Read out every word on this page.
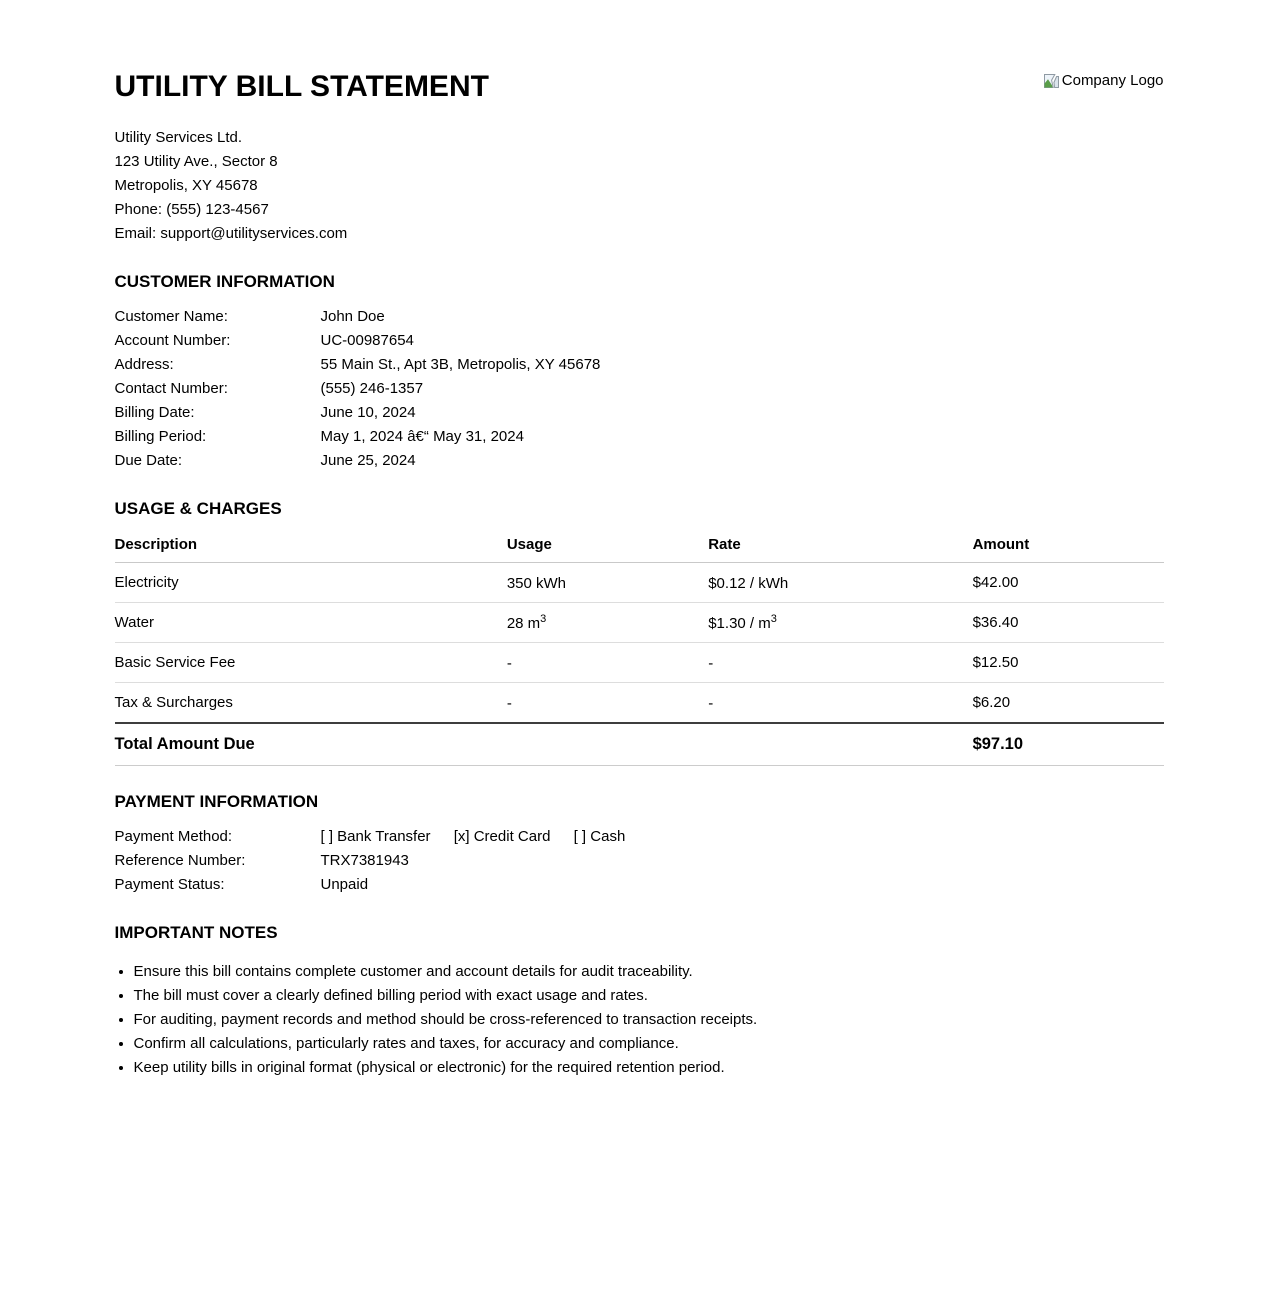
UTILITY BILL STATEMENT	Company Logo
Utility Services Ltd.
123 Utility Ave., Sector 8
Metropolis, XY 45678
Phone: (555) 123-4567
Email: support@utilityservices.com
CUSTOMER INFORMATION
Customer Name:	John Doe
Account Number:	UC-00987654
Address:	55 Main St., Apt 3B, Metropolis, XY 45678
Contact Number:	(555) 246-1357
Billing Date:	June 10, 2024
Billing Period:	May 1, 2024 â€“ May 31, 2024
Due Date:	June 25, 2024
USAGE & CHARGES
Description	Usage	Rate	Amount
Electricity	350 kWh	$0.12 / kWh	$42.00
Water	28 $m^3$	$1.30 / $m^3$	$36.40
Basic Service Fee	-	-	$12.50
Tax & Surcharges	-	-	$6.20
Total Amount Due			$97.10
PAYMENT INFORMATION
Payment Method:	[ ] Bank Transfer [x] Credit Card [ ] Cash
Reference Number:	TRX7381943
Payment Status:	Unpaid
IMPORTANT NOTES
• Ensure this bill contains complete customer and account details for audit traceability.
• The bill must cover a clearly defined billing period with exact usage and rates.
• For auditing, payment records and method should be cross-referenced to transaction receipts.
• Confirm all calculations, particularly rates and taxes, for accuracy and compliance.
• Keep utility bills in original format (physical or electronic) for the required retention period.
